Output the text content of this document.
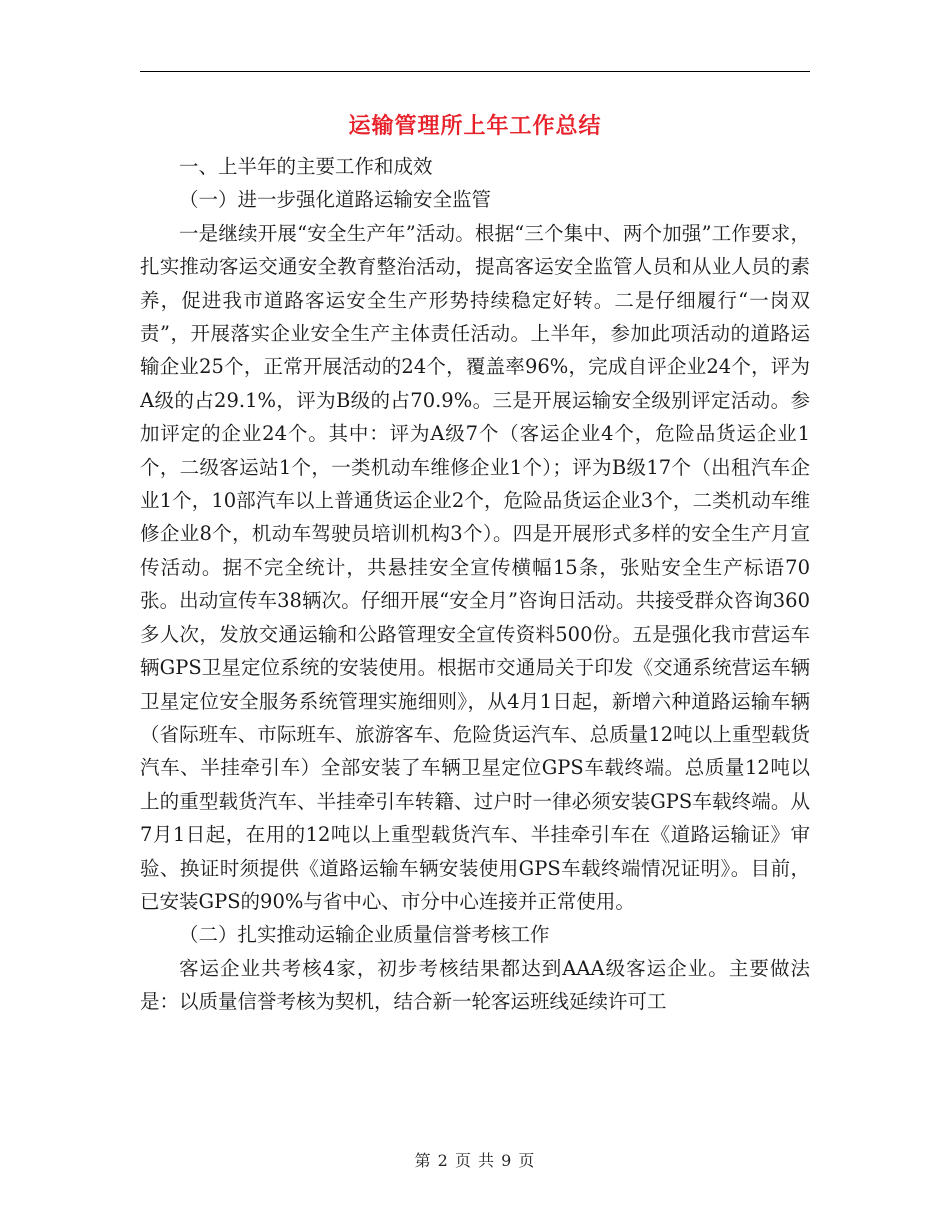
运输管理所上年工作总结

一、上半年的主要工作和成效

（一）进一步强化道路运输安全监管

一是继续开展“安全生产年”活动。根据“三个集中、两个加强”工作要求，扎实推动客运交通安全教育整治活动，提高客运安全监管人员和从业人员的素养，促进我市道路客运安全生产形势持续稳定好转。二是仔细履行“一岗双责”，开展落实企业安全生产主体责任活动。上半年，参加此项活动的道路运输企业25个，正常开展活动的24个，覆盖率96%，完成自评企业24个，评为A级的占29.1%，评为B级的占70.9%。三是开展运输安全级别评定活动。参加评定的企业24个。其中：评为A级7个（客运企业4个，危险品货运企业1个，二级客运站1个，一类机动车维修企业1个）；评为B级17个（出租汽车企业1个，10部汽车以上普通货运企业2个，危险品货运企业3个，二类机动车维修企业8个，机动车驾驶员培训机构3个）。四是开展形式多样的安全生产月宣传活动。据不完全统计，共悬挂安全宣传横幅15条，张贴安全生产标语70张。出动宣传车38辆次。仔细开展“安全月”咨询日活动。共接受群众咨询360多人次，发放交通运输和公路管理安全宣传资料500份。五是强化我市营运车辆GPS卫星定位系统的安装使用。根据市交通局关于印发《交通系统营运车辆卫星定位安全服务系统管理实施细则》，从4月1日起，新增六种道路运输车辆（省际班车、市际班车、旅游客车、危险货运汽车、总质量12吨以上重型载货汽车、半挂牵引车）全部安装了车辆卫星定位GPS车载终端。总质量12吨以上的重型载货汽车、半挂牵引车转籍、过户时一律必须安装GPS车载终端。从7月1日起，在用的12吨以上重型载货汽车、半挂牵引车在《道路运输证》审验、换证时须提供《道路运输车辆安装使用GPS车载终端情况证明》。目前，已安装GPS的90%与省中心、市分中心连接并正常使用。

（二）扎实推动运输企业质量信誉考核工作

客运企业共考核4家，初步考核结果都达到AAA级客运企业。主要做法是：以质量信誉考核为契机，结合新一轮客运班线延续许可工

第 2 页 共 9 页
